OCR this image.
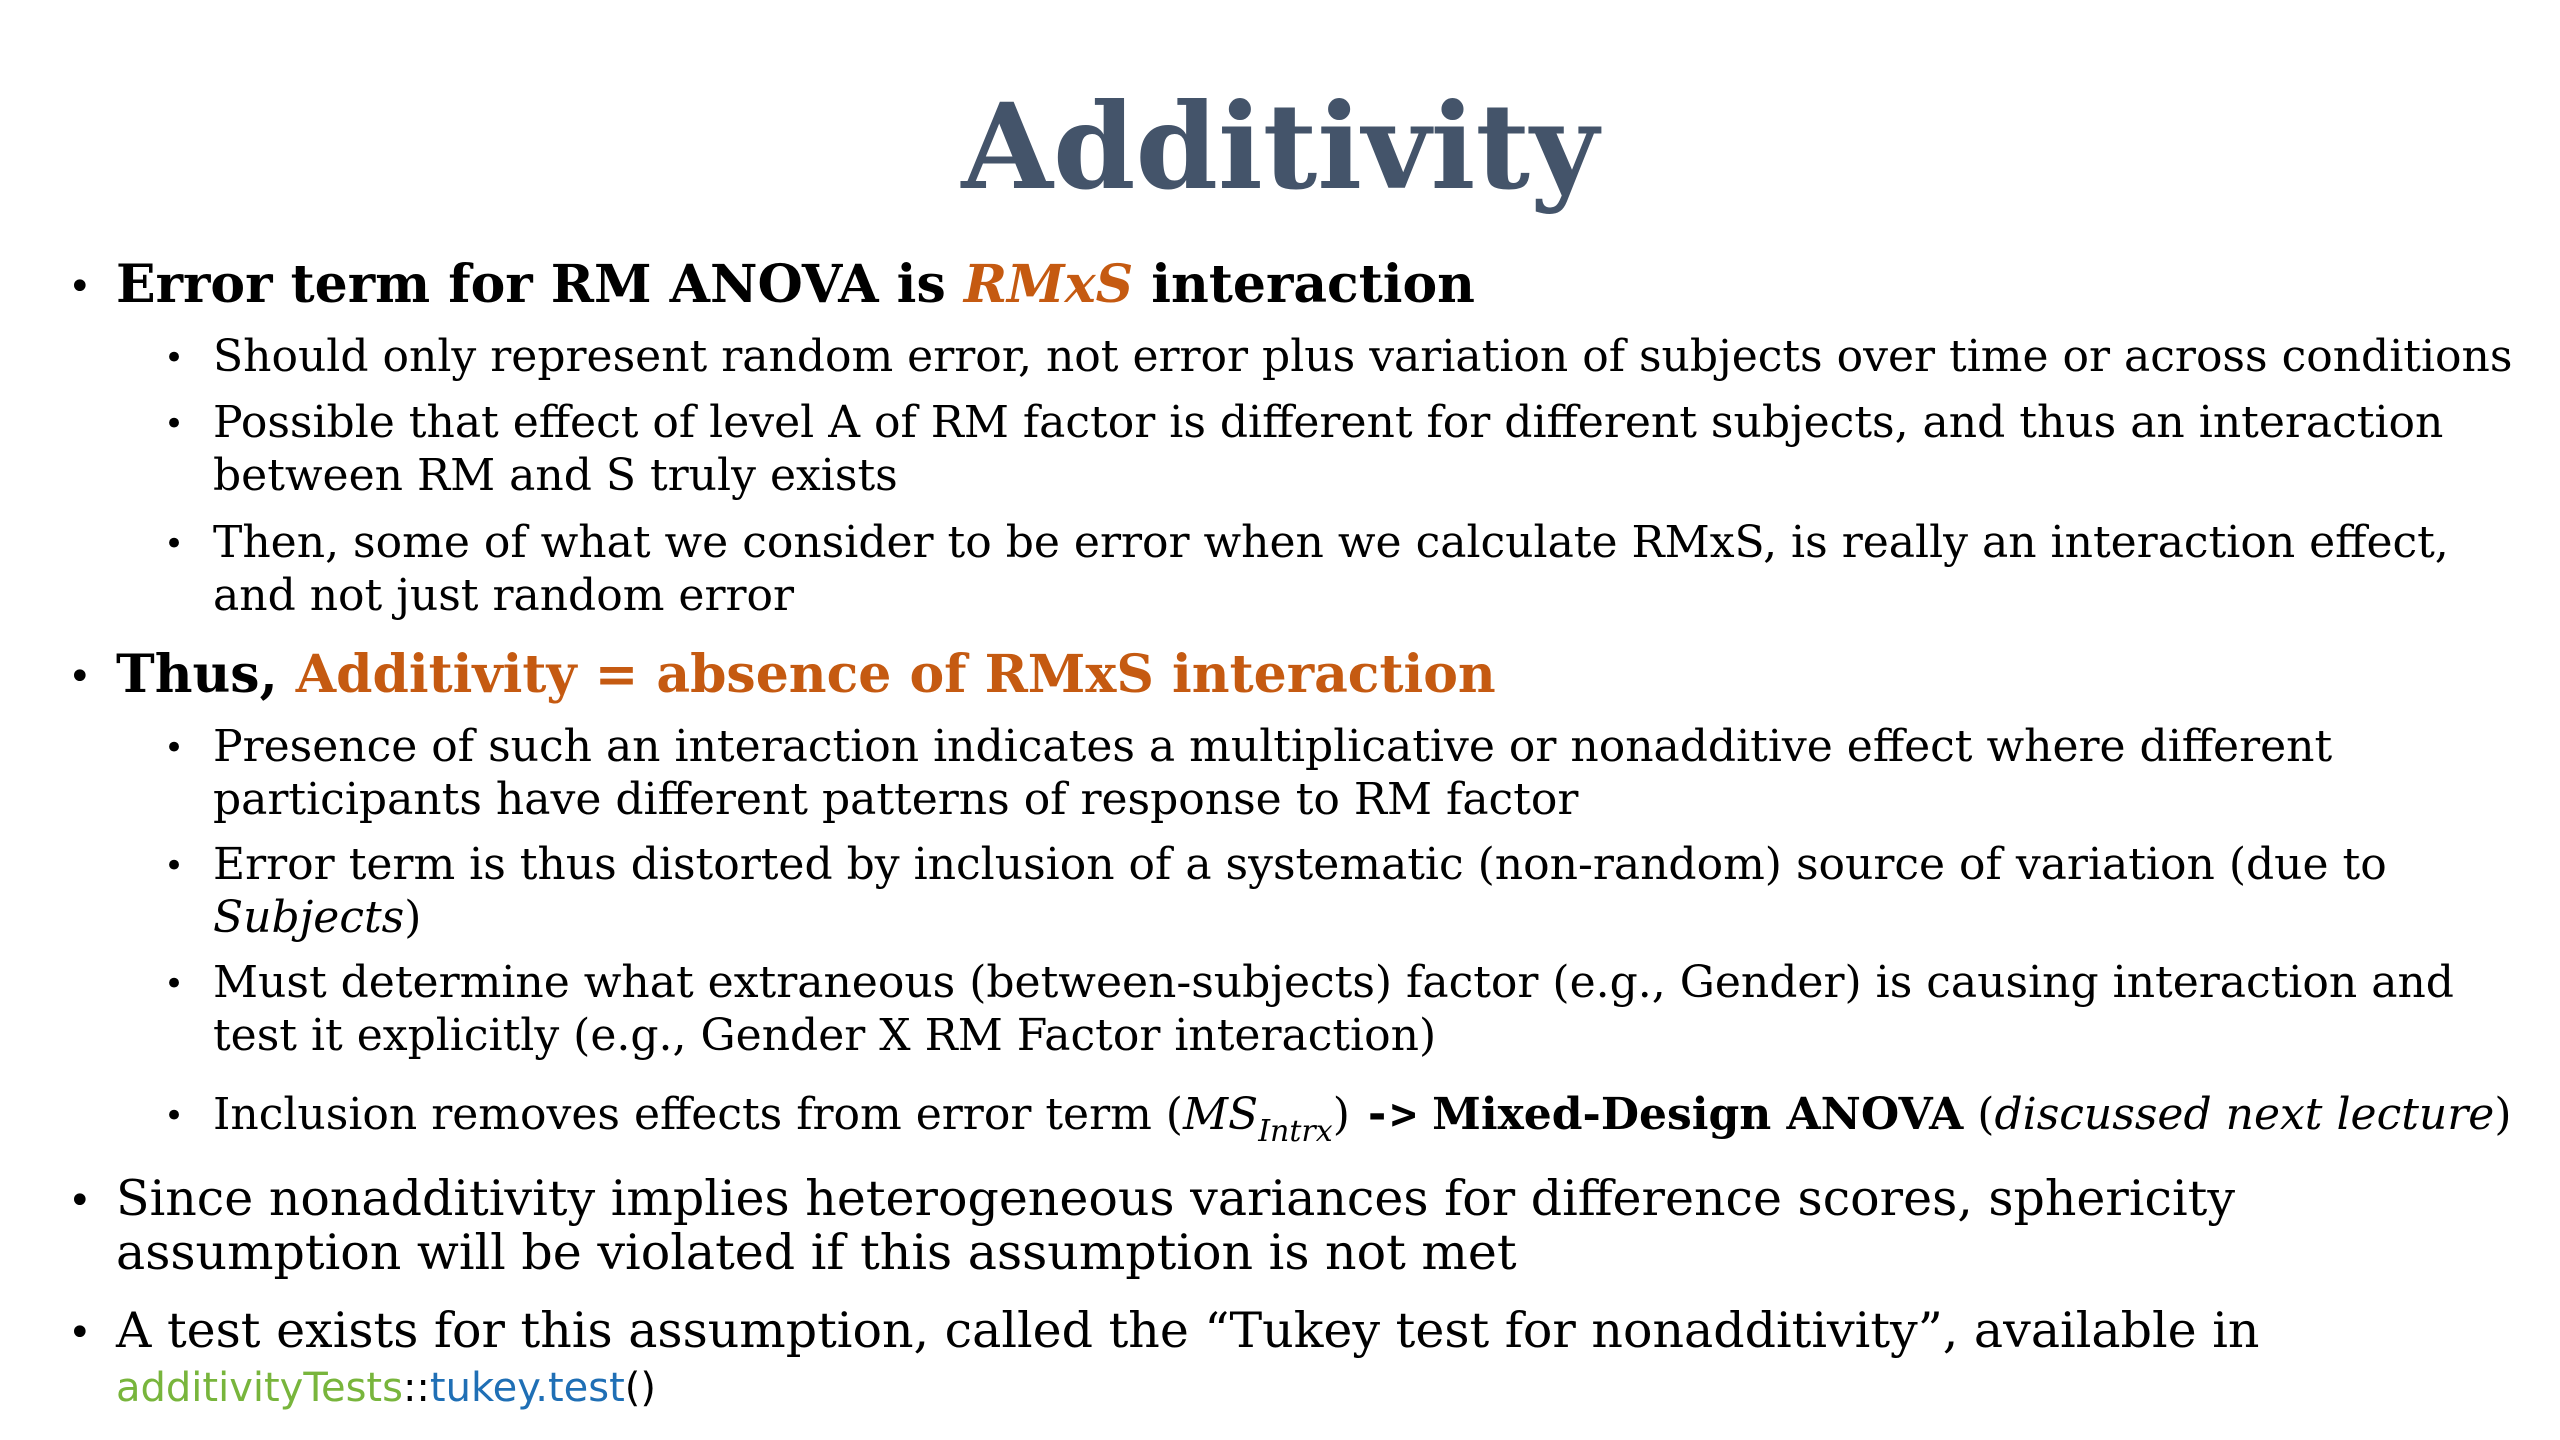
Additivity
• Error term for RM ANOVA is RMxS interaction
• Should only represent random error, not error plus variation of subjects over time or across conditions
• Possible that effect of level A of RM factor is different for different subjects, and thus an interaction between RM and S truly exists
• Then, some of what we consider to be error when we calculate RMxS, is really an interaction effect, and not just random error
• Thus, Additivity = absence of RMxS interaction
• Presence of such an interaction indicates a multiplicative or nonadditive effect where different participants have different patterns of response to RM factor
• Error term is thus distorted by inclusion of a systematic (non-random) source of variation (due to Subjects)
• Must determine what extraneous (between-subjects) factor (e.g., Gender) is causing interaction and test it explicitly (e.g., Gender X RM Factor interaction)
• Inclusion removes effects from error term $(MS_{Intrx})$ -> Mixed-Design ANOVA (discussed next lecture)
• Since nonadditivity implies heterogeneous variances for difference scores, sphericity assumption will be violated if this assumption is not met
• A test exists for this assumption, called the “Tukey test for nonadditivity”, available in additivityTests::tukey.test()
